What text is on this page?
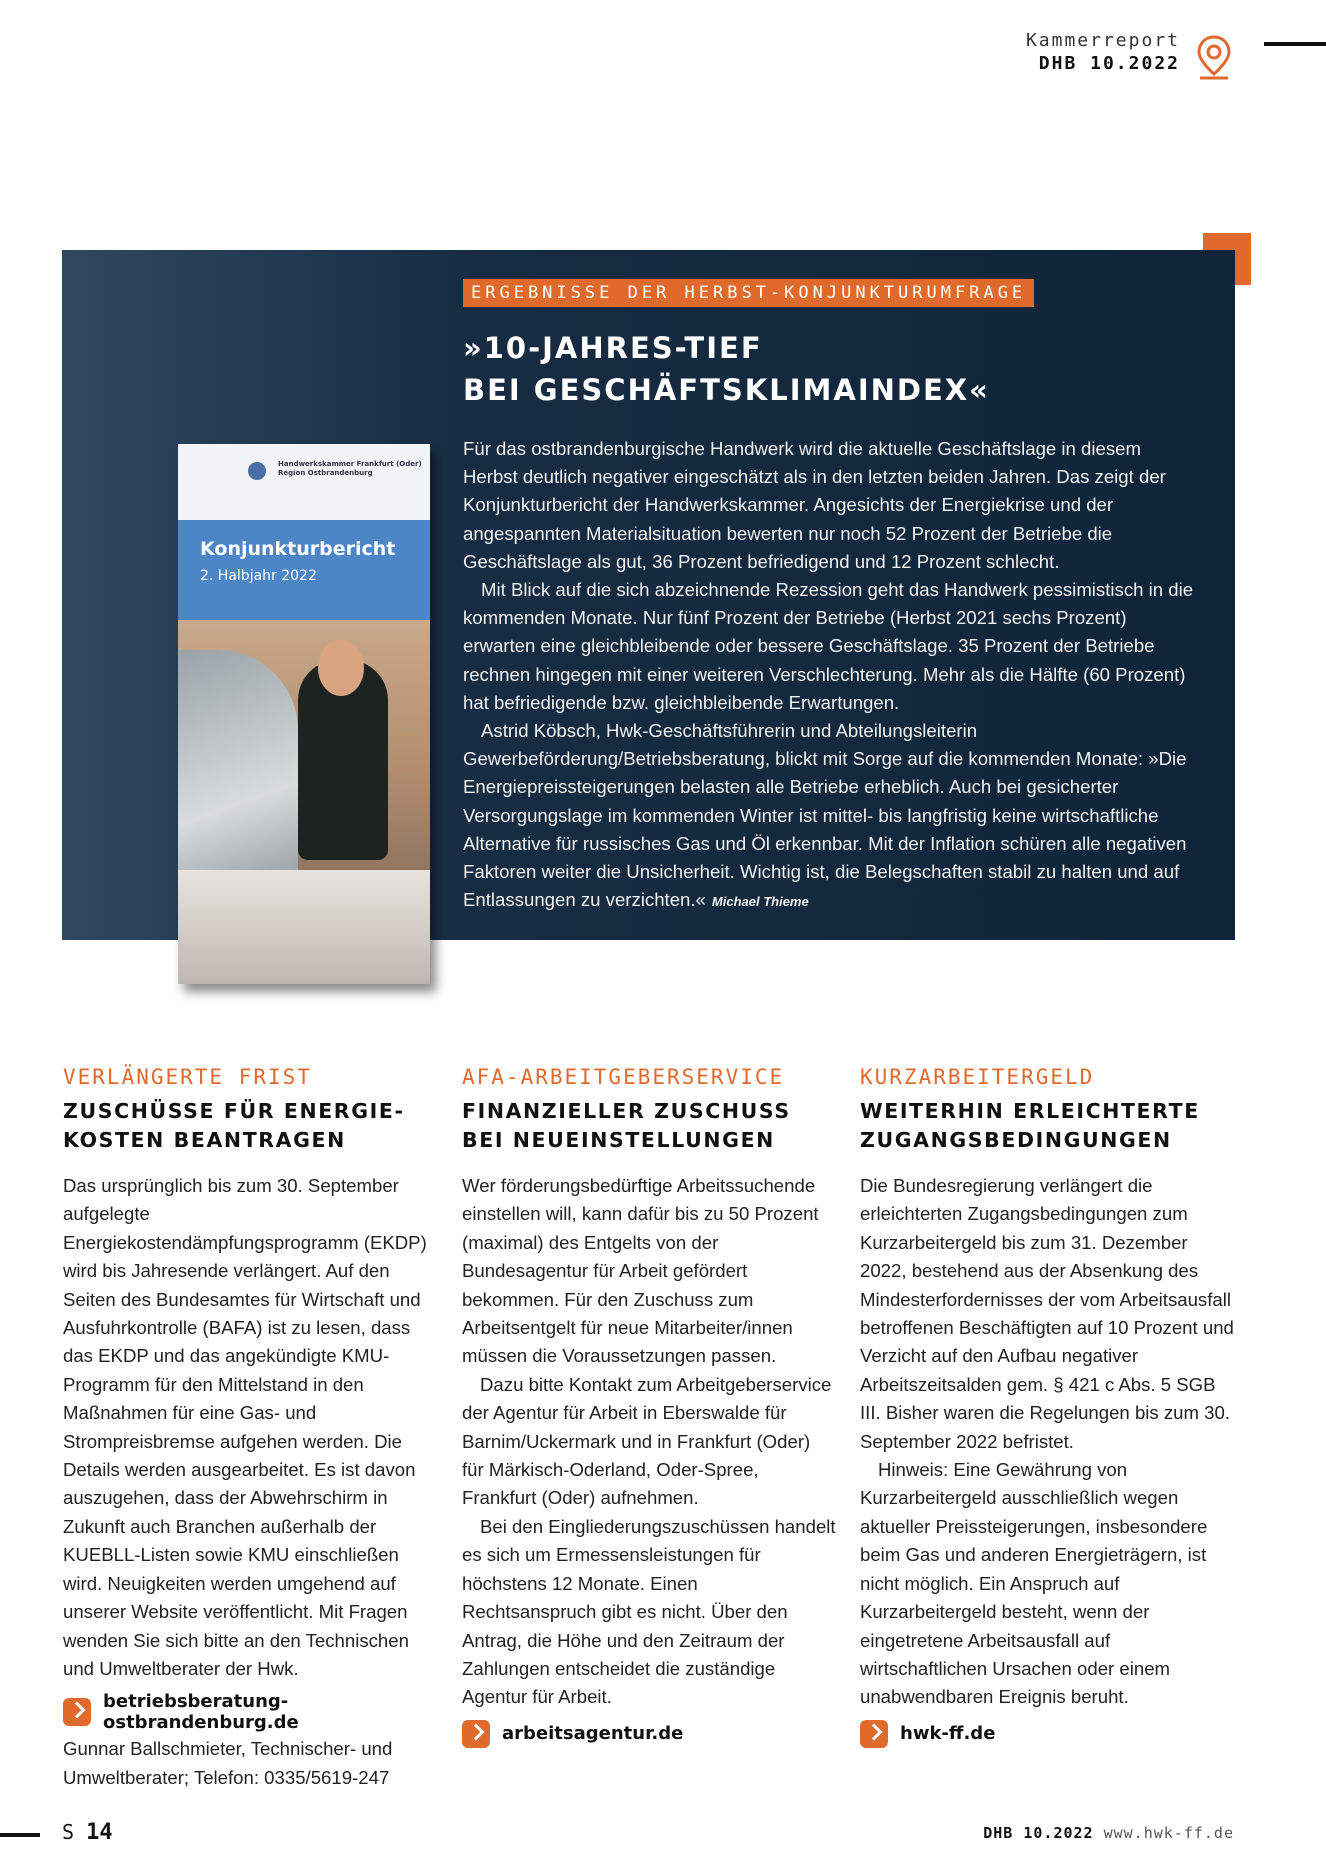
Kammerreport
DHB 10.2022
Handwerkskammer Frankfurt (Oder)
Region Ostbrandenburg
Konjunkturbericht
2. Halbjahr 2022
ERGEBNISSE DER HERBST-KONJUNKTURUMFRAGE
»10-JAHRES-TIEF
BEI GESCHÄFTSKLIMAINDEX«

Für das ostbrandenburgische Handwerk wird die aktuelle Geschäftslage in diesem Herbst deutlich negativer eingeschätzt als in den letzten beiden Jahren. Das zeigt der Konjunkturbericht der Handwerkskammer. Angesichts der Energiekrise und der angespannten Materialsituation bewerten nur noch 52 Prozent der Betriebe die Geschäftslage als gut, 36 Prozent befriedigend und 12 Prozent schlecht.

Mit Blick auf die sich abzeichnende Rezession geht das Handwerk pessimistisch in die kommenden Monate. Nur fünf Prozent der Betriebe (Herbst 2021 sechs Prozent) erwarten eine gleichbleibende oder bessere Geschäftslage. 35 Prozent der Betriebe rechnen hingegen mit einer weiteren Verschlechterung. Mehr als die Hälfte (60 Prozent) hat befriedigende bzw. gleichbleibende Erwartungen.

Astrid Köbsch, Hwk-Geschäftsführerin und Abteilungsleiterin Gewerbeförderung/Betriebsberatung, blickt mit Sorge auf die kommenden Monate: »Die Energiepreissteigerungen belasten alle Betriebe erheblich. Auch bei gesicherter Versorgungslage im kommenden Winter ist mittel- bis langfristig keine wirtschaftliche Alternative für russisches Gas und Öl erkennbar. Mit der Inflation schüren alle negativen Faktoren weiter die Unsicherheit. Wichtig ist, die Belegschaften stabil zu halten und auf Entlassungen zu verzichten.« Michael Thieme

VERLÄNGERTE FRIST
ZUSCHÜSSE FÜR ENERGIE-
KOSTEN BEANTRAGEN

Das ursprünglich bis zum 30. September aufgelegte Energiekostendämpfungsprogramm (EKDP) wird bis Jahresende verlängert. Auf den Seiten des Bundesamtes für Wirtschaft und Ausfuhrkontrolle (BAFA) ist zu lesen, dass das EKDP und das angekündigte KMU-Programm für den Mittelstand in den Maßnahmen für eine Gas- und Strompreisbremse aufgehen werden. Die Details werden ausgearbeitet. Es ist davon auszugehen, dass der Abwehrschirm in Zukunft auch Branchen außerhalb der KUEBLL-Listen sowie KMU einschließen wird. Neuigkeiten werden umgehend auf unserer Website veröffentlicht. Mit Fragen wenden Sie sich bitte an den Technischen und Umweltberater der Hwk.

betriebsberatung-ostbrandenburg.de
Gunnar Ballschmieter, Technischer- und
Umweltberater; Telefon: 0335/5619-247
AFA-ARBEITGEBERSERVICE
FINANZIELLER ZUSCHUSS
BEI NEUEINSTELLUNGEN

Wer förderungsbedürftige Arbeitssuchende einstellen will, kann dafür bis zu 50 Prozent (maximal) des Entgelts von der Bundesagentur für Arbeit gefördert bekommen. Für den Zuschuss zum Arbeitsentgelt für neue Mitarbeiter/innen müssen die Voraussetzungen passen.

Dazu bitte Kontakt zum Arbeitgeberservice der Agentur für Arbeit in Eberswalde für Barnim/Uckermark und in Frankfurt (Oder) für Märkisch-Oderland, Oder-Spree, Frankfurt (Oder) aufnehmen.

Bei den Eingliederungszuschüssen handelt es sich um Ermessensleistungen für höchstens 12 Monate. Einen Rechtsanspruch gibt es nicht. Über den Antrag, die Höhe und den Zeitraum der Zahlungen entscheidet die zuständige Agentur für Arbeit.

arbeitsagentur.de
KURZARBEITERGELD
WEITERHIN ERLEICHTERTE
ZUGANGSBEDINGUNGEN

Die Bundesregierung verlängert die erleichterten Zugangsbedingungen zum Kurzarbeitergeld bis zum 31. Dezember 2022, bestehend aus der Absenkung des Mindesterfordernisses der vom Arbeitsausfall betroffenen Beschäftigten auf 10 Prozent und Verzicht auf den Aufbau negativer Arbeitszeitsalden gem. § 421 c Abs. 5 SGB III. Bisher waren die Regelungen bis zum 30. September 2022 befristet.

Hinweis: Eine Gewährung von Kurzarbeitergeld ausschließlich wegen aktueller Preissteigerungen, insbesondere beim Gas und anderen Energieträgern, ist nicht möglich. Ein Anspruch auf Kurzarbeitergeld besteht, wenn der eingetretene Arbeitsausfall auf wirtschaftlichen Ursachen oder einem unabwendbaren Ereignis beruht.

hwk-ff.de
S 14	DHB 10.2022 www.hwk-ff.de
